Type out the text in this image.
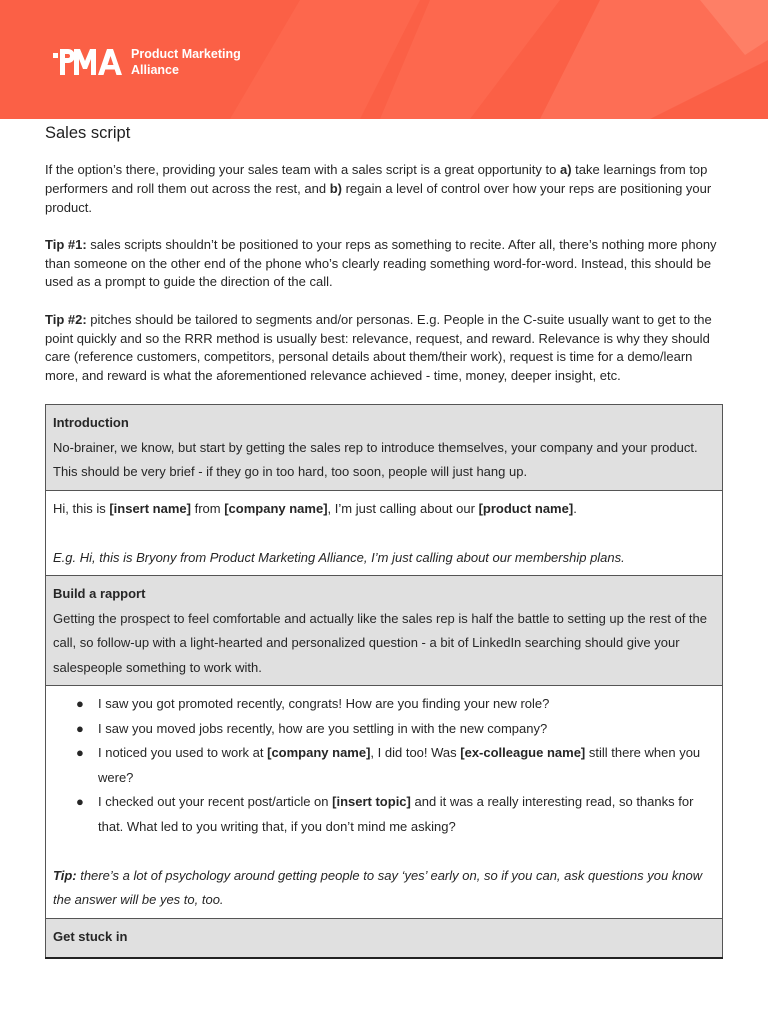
Product Marketing
Alliance
Sales script

If the option’s there, providing your sales team with a sales script is a great opportunity to a) take learnings from top performers and roll them out across the rest, and b) regain a level of control over how your reps are positioning your product.

Tip #1: sales scripts shouldn’t be positioned to your reps as something to recite. After all, there’s nothing more phony than someone on the other end of the phone who’s clearly reading something word-for-word. Instead, this should be used as a prompt to guide the direction of the call.

Tip #2: pitches should be tailored to segments and/or personas. E.g. People in the C-suite usually want to get to the point quickly and so the RRR method is usually best: relevance, request, and reward. Relevance is why they should care (reference customers, competitors, personal details about them/their work), request is time for a demo/learn more, and reward is what the aforementioned relevance achieved - time, money, deeper insight, etc.

Introduction
No-brainer, we know, but start by getting the sales rep to introduce themselves, your company and your product. This should be very brief - if they go in too hard, too soon, people will just hang up.

Hi, this is [insert name] from [company name], I’m just calling about our [product name].
E.g. Hi, this is Bryony from Product Marketing Alliance, I’m just calling about our membership plans.

Build a rapport
Getting the prospect to feel comfortable and actually like the sales rep is half the battle to setting up the rest of the call, so follow-up with a light-hearted and personalized question - a bit of LinkedIn searching should give your salespeople something to work with.

● I saw you got promoted recently, congrats! How are you finding your new role?
● I saw you moved jobs recently, how are you settling in with the new company?
● I noticed you used to work at [company name], I did too! Was [ex-colleague name] still there when you were?
● I checked out your recent post/article on [insert topic] and it was a really interesting read, so thanks for that. What led to you writing that, if you don’t mind me asking?
Tip: there’s a lot of psychology around getting people to say ‘yes’ early on, so if you can, ask questions you know the answer will be yes to, too.

Get stuck in
